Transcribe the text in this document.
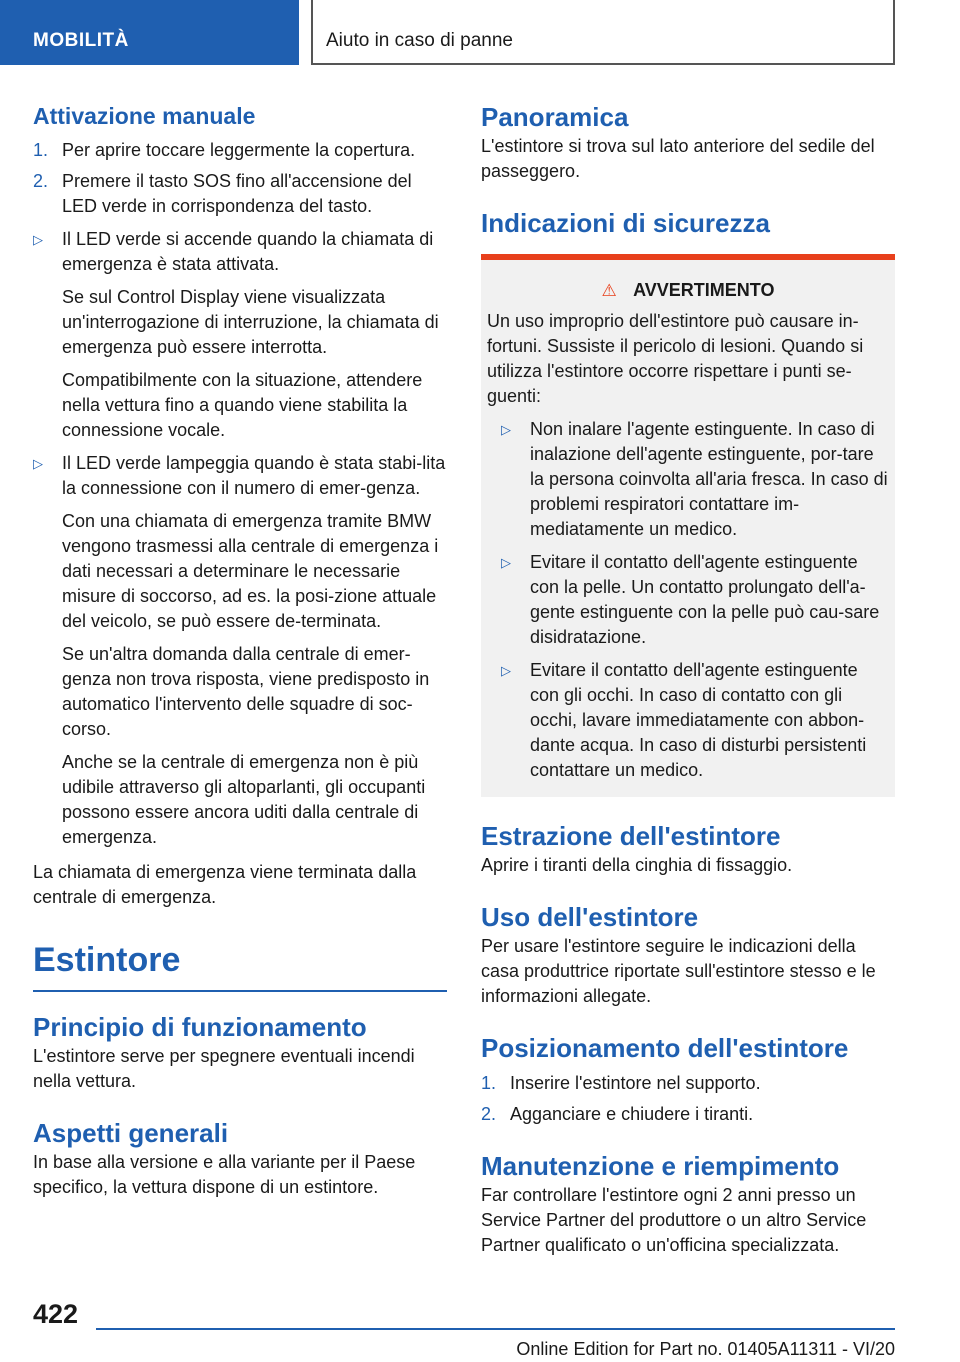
MOBILITÀ	Aiuto in caso di panne
Attivazione manuale
1. Per aprire toccare leggermente la copertura.
2. Premere il tasto SOS fino all'accensione del LED verde in corrispondenza del tasto.
▷ Il LED verde si accende quando la chiamata di emergenza è stata attivata.

Se sul Control Display viene visualizzata un'interrogazione di interruzione, la chiamata di emergenza può essere interrotta.

Compatibilmente con la situazione, attendere nella vettura fino a quando viene stabilita la connessione vocale.

▷ Il LED verde lampeggia quando è stata stabi‐lita la connessione con il numero di emer‐genza.

Con una chiamata di emergenza tramite BMW vengono trasmessi alla centrale di emergenza i dati necessari a determinare le necessarie misure di soccorso, ad es. la posi‐zione attuale del veicolo, se può essere de‐terminata.

Se un'altra domanda dalla centrale di emer‐genza non trova risposta, viene predisposto in automatico l'intervento delle squadre di soc‐corso.

Anche se la centrale di emergenza non è più udibile attraverso gli altoparlanti, gli occupanti possono essere ancora uditi dalla centrale di emergenza.

La chiamata di emergenza viene terminata dalla centrale di emergenza.

Estintore
Principio di funzionamento

L'estintore serve per spegnere eventuali incendi nella vettura.

Aspetti generali

In base alla versione e alla variante per il Paese specifico, la vettura dispone di un estintore.

Panoramica

L'estintore si trova sul lato anteriore del sedile del passeggero.

Indicazioni di sicurezza
⚠ AVVERTIMENTO

Un uso improprio dell'estintore può causare in‐fortuni. Sussiste il pericolo di lesioni. Quando si utilizza l'estintore occorre rispettare i punti se‐guenti:

▷ Non inalare l'agente estinguente. In caso di inalazione dell'agente estinguente, por‐tare la persona coinvolta all'aria fresca. In caso di problemi respiratori contattare im‐mediatamente un medico.
▷ Evitare il contatto dell'agente estinguente con la pelle. Un contatto prolungato dell'a‐gente estinguente con la pelle può cau‐sare disidratazione.
▷ Evitare il contatto dell'agente estinguente con gli occhi. In caso di contatto con gli occhi, lavare immediatamente con abbon‐dante acqua. In caso di disturbi persistenti contattare un medico.
Estrazione dell'estintore

Aprire i tiranti della cinghia di fissaggio.

Uso dell'estintore

Per usare l'estintore seguire le indicazioni della casa produttrice riportate sull'estintore stesso e le informazioni allegate.

Posizionamento dell'estintore
1. Inserire l'estintore nel supporto.
2. Agganciare e chiudere i tiranti.
Manutenzione e riempimento

Far controllare l'estintore ogni 2 anni presso un Service Partner del produttore o un altro Service Partner qualificato o un'officina specializzata.

422
Online Edition for Part no. 01405A11311 - VI/20
